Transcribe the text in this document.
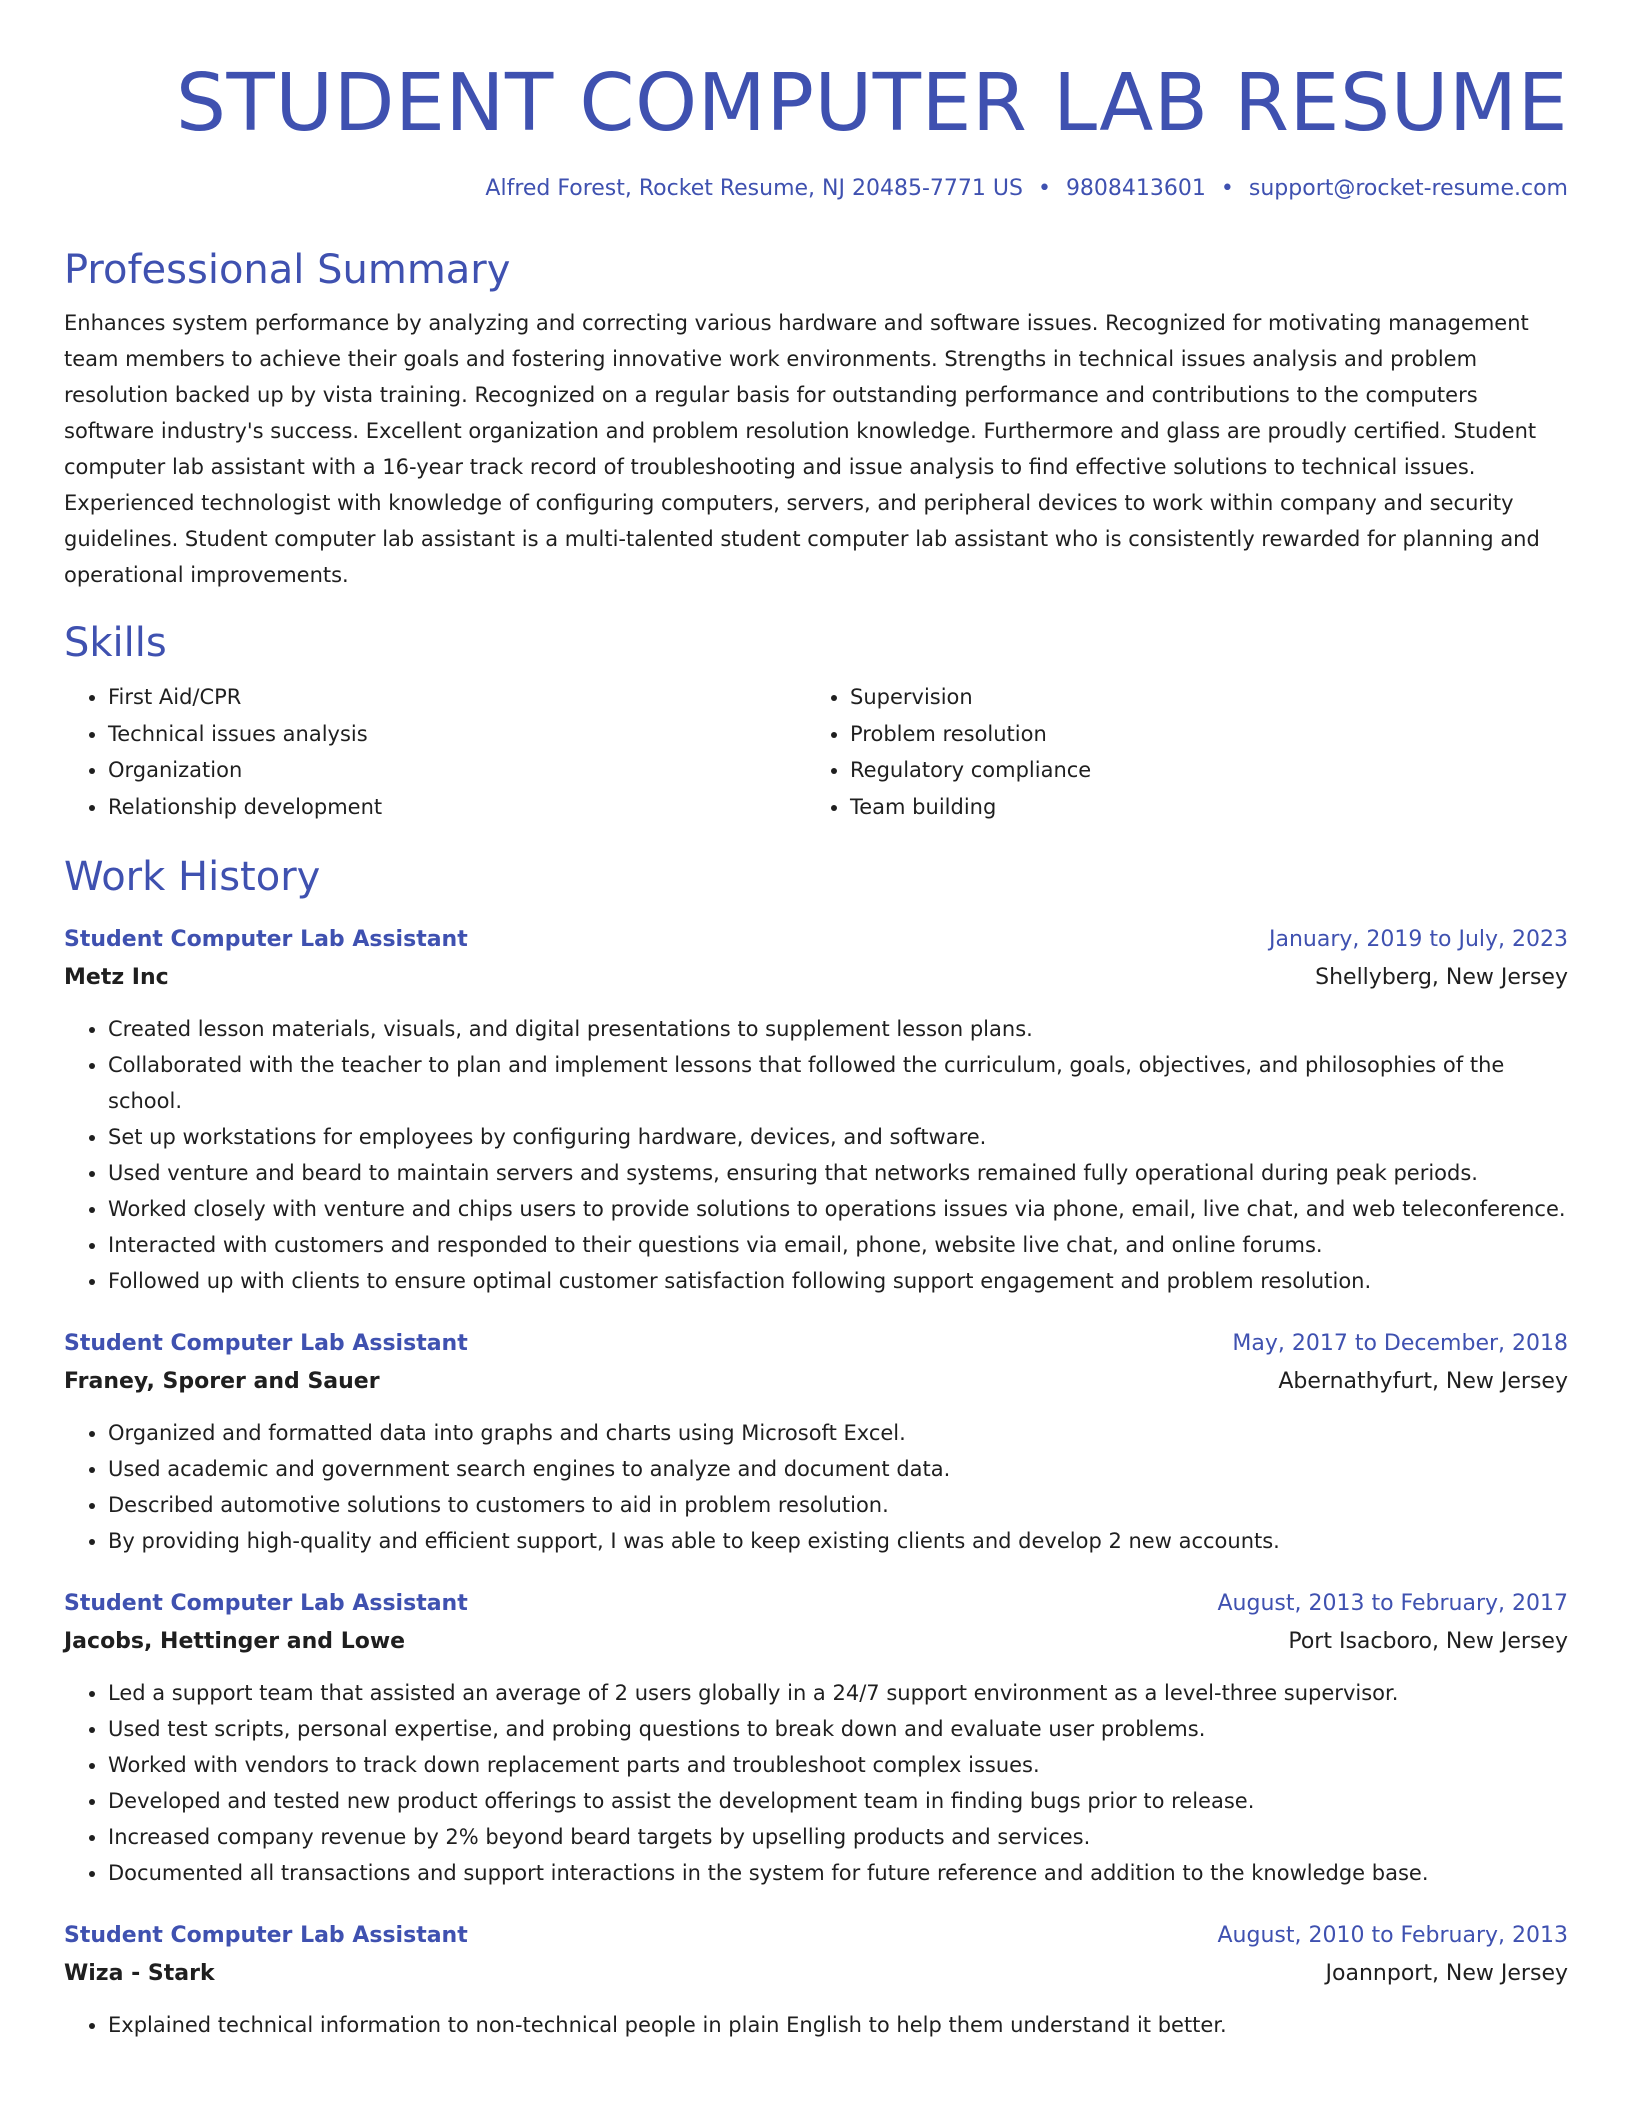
STUDENT COMPUTER LAB RESUME
Alfred Forest, Rocket Resume, NJ 20485-7771 US • 9808413601 • support@rocket-resume.com
Professional Summary

Enhances system performance by analyzing and correcting various hardware and software issues. Recognized for motivating management team members to achieve their goals and fostering innovative work environments. Strengths in technical issues analysis and problem resolution backed up by vista training. Recognized on a regular basis for outstanding performance and contributions to the computers software industry's success. Excellent organization and problem resolution knowledge. Furthermore and glass are proudly certified. Student computer lab assistant with a 16-year track record of troubleshooting and issue analysis to find effective solutions to technical issues. Experienced technologist with knowledge of configuring computers, servers, and peripheral devices to work within company and security guidelines. Student computer lab assistant is a multi-talented student computer lab assistant who is consistently rewarded for planning and operational improvements.

Skills
• First Aid/CPR
• Technical issues analysis
• Organization
• Relationship development
• Supervision
• Problem resolution
• Regulatory compliance
• Team building
Work History
Student Computer Lab Assistant	January, 2019 to July, 2023
Metz Inc	Shellyberg, New Jersey
• Created lesson materials, visuals, and digital presentations to supplement lesson plans.
• Collaborated with the teacher to plan and implement lessons that followed the curriculum, goals, objectives, and philosophies of the school.
• Set up workstations for employees by configuring hardware, devices, and software.
• Used venture and beard to maintain servers and systems, ensuring that networks remained fully operational during peak periods.
• Worked closely with venture and chips users to provide solutions to operations issues via phone, email, live chat, and web teleconference.
• Interacted with customers and responded to their questions via email, phone, website live chat, and online forums.
• Followed up with clients to ensure optimal customer satisfaction following support engagement and problem resolution.
Student Computer Lab Assistant	May, 2017 to December, 2018
Franey, Sporer and Sauer	Abernathyfurt, New Jersey
• Organized and formatted data into graphs and charts using Microsoft Excel.
• Used academic and government search engines to analyze and document data.
• Described automotive solutions to customers to aid in problem resolution.
• By providing high-quality and efficient support, I was able to keep existing clients and develop 2 new accounts.
Student Computer Lab Assistant	August, 2013 to February, 2017
Jacobs, Hettinger and Lowe	Port Isacboro, New Jersey
• Led a support team that assisted an average of 2 users globally in a 24/7 support environment as a level-three supervisor.
• Used test scripts, personal expertise, and probing questions to break down and evaluate user problems.
• Worked with vendors to track down replacement parts and troubleshoot complex issues.
• Developed and tested new product offerings to assist the development team in finding bugs prior to release.
• Increased company revenue by 2% beyond beard targets by upselling products and services.
• Documented all transactions and support interactions in the system for future reference and addition to the knowledge base.
Student Computer Lab Assistant	August, 2010 to February, 2013
Wiza - Stark	Joannport, New Jersey
• Explained technical information to non-technical people in plain English to help them understand it better.
